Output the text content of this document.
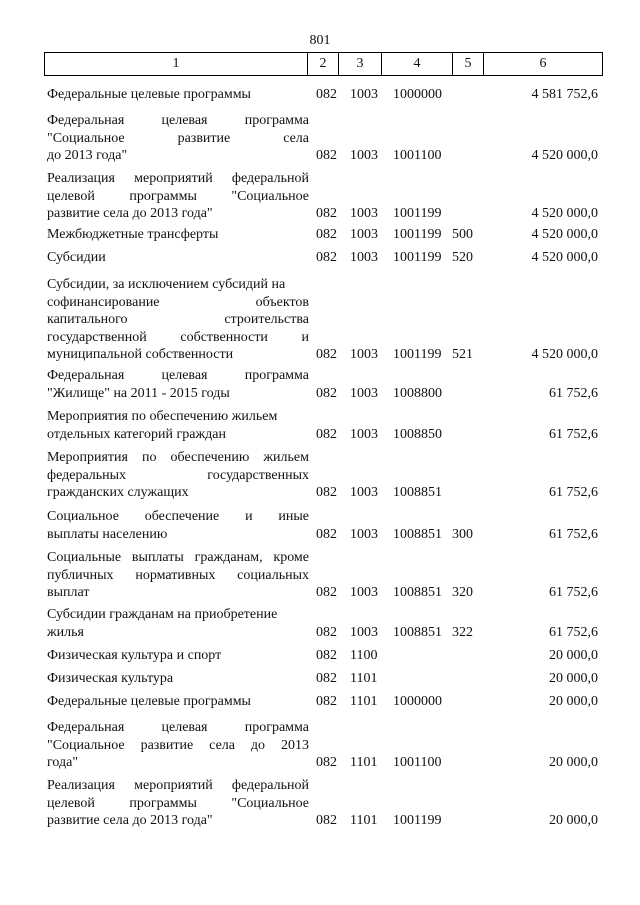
801
1	2	3	4	5	6
Федеральные целевые программы	082 1003 1000000	4 581 752,6
Федеральная целевая программа
"Социальное развитие села
до 2013 года"	082 1003 1001100	4 520 000,0
Реализация мероприятий федеральной
целевой программы "Социальное
развитие села до 2013 года"	082 1003 1001199	4 520 000,0
Межбюджетные трансферты	082 1003 1001199 500	4 520 000,0
Субсидии	082 1003 1001199 520	4 520 000,0
Субсидии, за исключением субсидий на
софинансирование объектов
капитального строительства
государственной собственности и
муниципальной собственности	082 1003 1001199 521	4 520 000,0
Федеральная целевая программа
"Жилище" на 2011 - 2015 годы	082 1003 1008800	61 752,6
Мероприятия по обеспечению жильем
отдельных категорий граждан	082 1003 1008850	61 752,6
Мероприятия по обеспечению жильем
федеральных государственных
гражданских служащих	082 1003 1008851	61 752,6
Социальное обеспечение и иные
выплаты населению	082 1003 1008851 300	61 752,6
Социальные выплаты гражданам, кроме
публичных нормативных социальных
выплат	082 1003 1008851 320	61 752,6
Субсидии гражданам на приобретение
жилья	082 1003 1008851 322	61 752,6
Физическая культура и спорт	082 1100	20 000,0
Физическая культура	082 1101	20 000,0
Федеральные целевые программы	082 1101 1000000	20 000,0
Федеральная целевая программа
"Социальное развитие села до 2013
года"	082 1101 1001100	20 000,0
Реализация мероприятий федеральной
целевой программы "Социальное
развитие села до 2013 года"	082 1101 1001199	20 000,0
